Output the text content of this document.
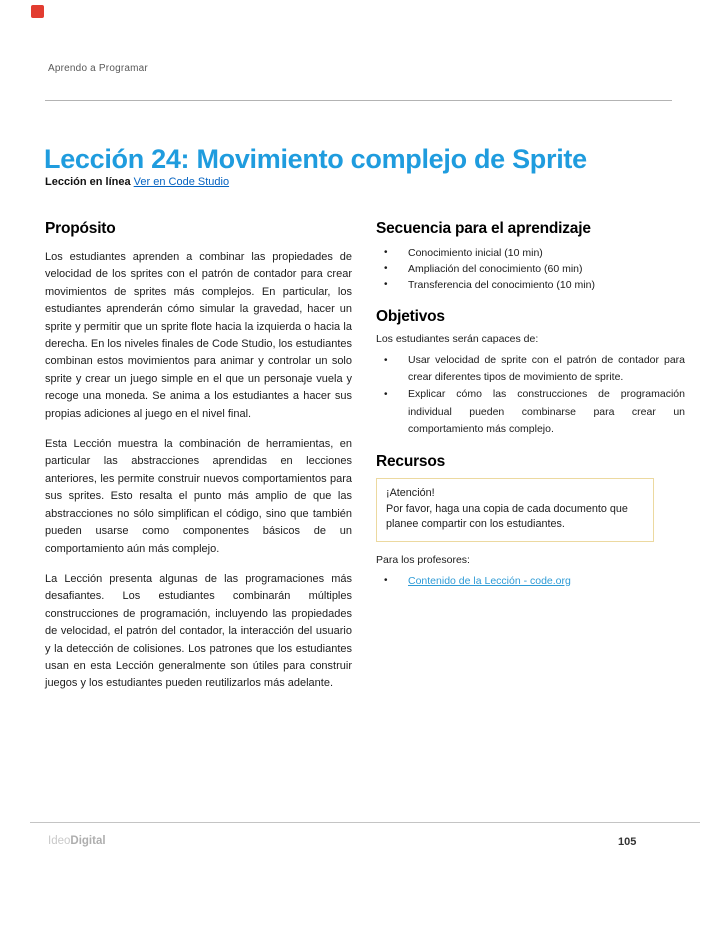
Aprendo a Programar
Lección 24: Movimiento complejo de Sprite
Lección en línea Ver en Code Studio
Propósito

Los estudiantes aprenden a combinar las propiedades de velocidad de los sprites con el patrón de contador para crear movimientos de sprites más complejos. En particular, los estudiantes aprenderán cómo simular la gravedad, hacer un sprite y permitir que un sprite flote hacia la izquierda o hacia la derecha. En los niveles finales de Code Studio, los estudiantes combinan estos movimientos para animar y controlar un solo sprite y crear un juego simple en el que un personaje vuela y recoge una moneda. Se anima a los estudiantes a hacer sus propias adiciones al juego en el nivel final.

Esta Lección muestra la combinación de herramientas, en particular las abstracciones aprendidas en lecciones anteriores, les permite construir nuevos comportamientos para sus sprites. Esto resalta el punto más amplio de que las abstracciones no sólo simplifican el código, sino que también pueden usarse como componentes básicos de un comportamiento aún más complejo.

La Lección presenta algunas de las programaciones más desafiantes. Los estudiantes combinarán múltiples construcciones de programación, incluyendo las propiedades de velocidad, el patrón del contador, la interacción del usuario y la detección de colisiones. Los patrones que los estudiantes usan en esta Lección generalmente son útiles para construir juegos y los estudiantes pueden reutilizarlos más adelante.

Secuencia para el aprendizaje
•	Conocimiento inicial (10 min)
•	Ampliación del conocimiento (60 min)
•	Transferencia del conocimiento (10 min)
Objetivos

Los estudiantes serán capaces de:

•	Usar velocidad de sprite con el patrón de contador para crear diferentes tipos de movimiento de sprite.
•	Explicar cómo las construcciones de programación individual pueden combinarse para crear un comportamiento más complejo.
Recursos
¡Atención!
Por favor, haga una copia de cada documento que planee compartir con los estudiantes.

Para los profesores:

•	Contenido de la Lección - code.org
IdeoDigital	105
